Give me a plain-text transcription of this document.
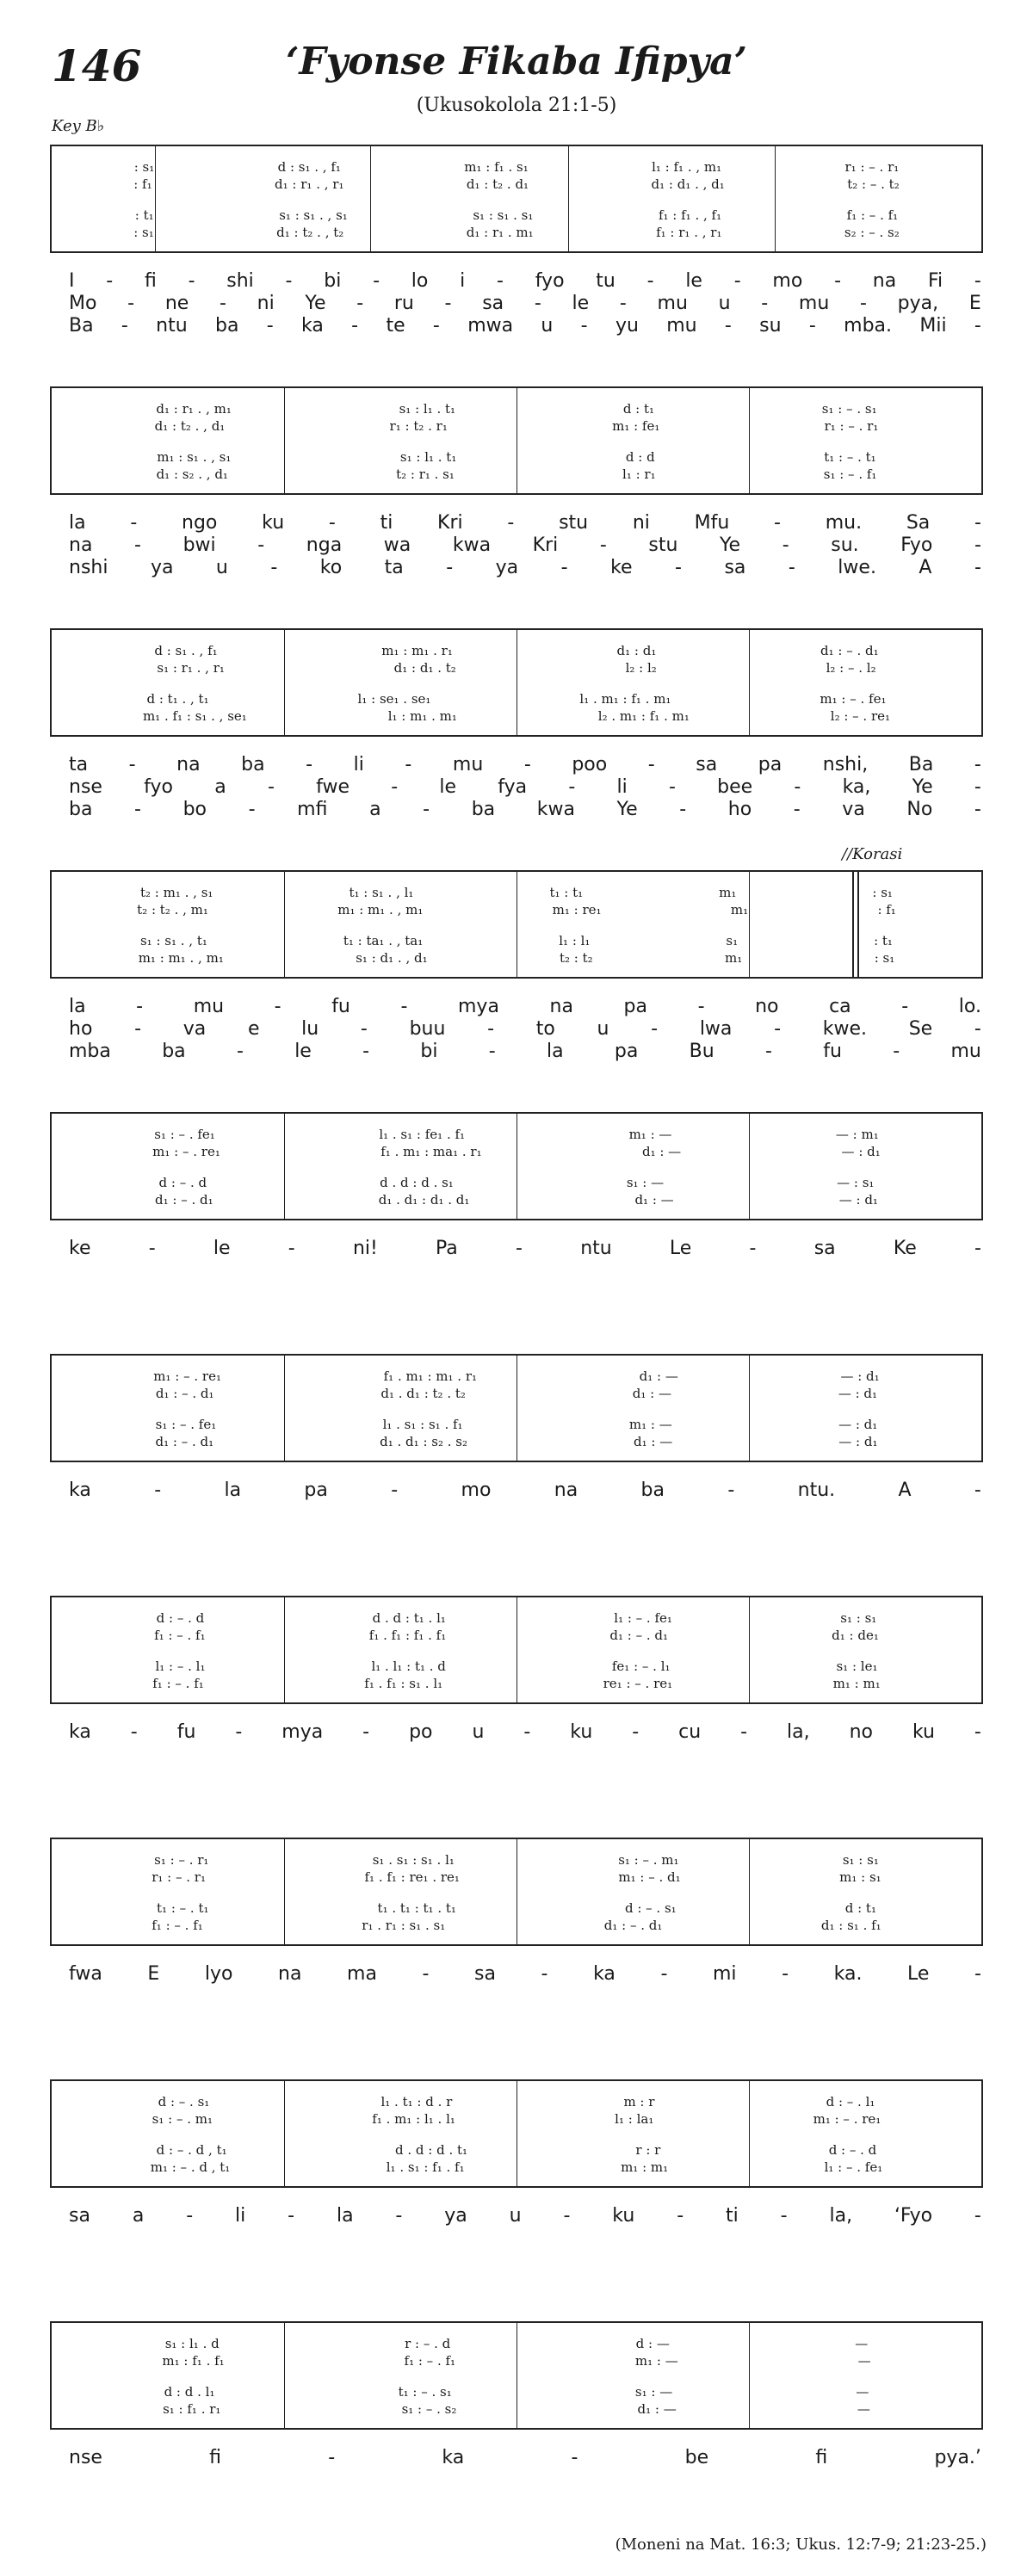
146	‘Fyonse Fikaba Ifipya’
(Ukusokolola 21:1-5)
Key B♭
//Korasi
: s₁	d : s₁ . , f₁	m₁ : f₁ . s₁	l₁ : f₁ . , m₁	r₁ : – . r₁
: f₁	d₁ : r₁ . , r₁	d₁ : t₂ . d₁	d₁ : d₁ . , d₁	t₂ : – . t₂
: t₁	s₁ : s₁ . , s₁	s₁ : s₁ . s₁	f₁ : f₁ . , f₁	f₁ : – . f₁
: s₁	d₁ : t₂ . , t₂	d₁ : r₁ . m₁	f₁ : r₁ . , r₁	s₂ : – . s₂
I - fi - shi - bi - lo i - fyo tu - le - mo - na Fi -
Mo - ne - ni Ye - ru - sa - le - mu u - mu - pya, E
Ba - ntu ba - ka - te - mwa u - yu mu - su - mba. Mii -
d₁ : r₁ . , m₁	s₁ : l₁ . t₁	d : t₁	s₁ : – . s₁
d₁ : t₂ . , d₁	r₁ : t₂ . r₁	m₁ : fe₁	r₁ : – . r₁
m₁ : s₁ . , s₁	s₁ : l₁ . t₁	d : d	t₁ : – . t₁
d₁ : s₂ . , d₁	t₂ : r₁ . s₁	l₁ : r₁	s₁ : – . f₁
la - ngo ku - ti Kri - stu ni Mfu - mu. Sa -
na - bwi - nga wa kwa Kri - stu Ye - su. Fyo -
nshi ya u - ko ta - ya - ke - sa - lwe. A -
d : s₁ . , f₁	m₁ : m₁ . r₁	d₁ : d₁	d₁ : – . d₁
s₁ : r₁ . , r₁	d₁ : d₁ . t₂	l₂ : l₂	l₂ : – . l₂
d : t₁ . , t₁	l₁ : se₁ . se₁	l₁ . m₁ : f₁ . m₁	m₁ : – . fe₁
m₁ . f₁ : s₁ . , se₁	l₁ : m₁ . m₁	l₂ . m₁ : f₁ . m₁	l₂ : – . re₁
ta - na ba - li - mu - poo - sa pa nshi, Ba -
nse fyo a - fwe - le fya - li - bee - ka, Ye -
ba - bo - mfi a - ba kwa Ye - ho - va No -
t₂ : m₁ . , s₁	t₁ : s₁ . , l₁	t₁ : t₁	m₁	: s₁
t₂ : t₂ . , m₁	m₁ : m₁ . , m₁	m₁ : re₁	m₁	: f₁
s₁ : s₁ . , t₁	t₁ : ta₁ . , ta₁	l₁ : l₁	s₁	: t₁
m₁ : m₁ . , m₁	s₁ : d₁ . , d₁	t₂ : t₂	m₁	: s₁
la	-	mu	-	fu	-	mya	na	pa	-	no	ca	-	lo.
ho - va e lu - buu - to u - lwa - kwe. Se -
mba	ba	-	le	-	bi	-	la	pa	Bu	-	fu	-	mu
s₁ : – . fe₁	l₁ . s₁ : fe₁ . f₁	m₁ : —	— : m₁
m₁ : – . re₁	f₁ . m₁ : ma₁ . r₁	d₁ : —	— : d₁
d : – . d	d . d : d . s₁	s₁ : —	— : s₁
d₁ : – . d₁	d₁ . d₁ : d₁ . d₁	d₁ : —	— : d₁
ke	-	le	-	ni!	Pa	-	ntu	Le	-	sa	Ke	-
m₁ : – . re₁	f₁ . m₁ : m₁ . r₁	d₁ : —	— : d₁
d₁ : – . d₁	d₁ . d₁ : t₂ . t₂	d₁ : —	— : d₁
s₁ : – . fe₁	l₁ . s₁ : s₁ . f₁	m₁ : —	— : d₁
d₁ : – . d₁	d₁ . d₁ : s₂ . s₂	d₁ : —	— : d₁
ka	-	la	pa	-	mo	na	ba	-	ntu.	A	-
d : – . d	d . d : t₁ . l₁	l₁ : – . fe₁	s₁ : s₁
f₁ : – . f₁	f₁ . f₁ : f₁ . f₁	d₁ : – . d₁	d₁ : de₁
l₁ : – . l₁	l₁ . l₁ : t₁ . d	fe₁ : – . l₁	s₁ : le₁
f₁ : – . f₁	f₁ . f₁ : s₁ . l₁	re₁ : – . re₁	m₁ : m₁
ka - fu - mya - po u - ku - cu - la, no ku -
s₁ : – . r₁	s₁ . s₁ : s₁ . l₁	s₁ : – . m₁	s₁ : s₁
r₁ : – . r₁	f₁ . f₁ : re₁ . re₁	m₁ : – . d₁	m₁ : s₁
t₁ : – . t₁	t₁ . t₁ : t₁ . t₁	d : – . s₁	d : t₁
f₁ : – . f₁	r₁ . r₁ : s₁ . s₁	d₁ : – . d₁	d₁ : s₁ . f₁
fwa E lyo na ma - sa - ka - mi - ka. Le -
d : – . s₁	l₁ . t₁ : d . r	m : r	d : – . l₁
s₁ : – . m₁	f₁ . m₁ : l₁ . l₁	l₁ : la₁	m₁ : – . re₁
d : – . d , t₁	d . d : d . t₁	r : r	d : – . d
m₁ : – . d , t₁	l₁ . s₁ : f₁ . f₁	m₁ : m₁	l₁ : – . fe₁
sa a - li - la - ya u - ku - ti - la, ‘Fyo -
s₁ : l₁ . d	r : – . d	d : —	—
m₁ : f₁ . f₁	f₁ : – . f₁	m₁ : —	—
d : d . l₁	t₁ : – . s₁	s₁ : —	—
s₁ : f₁ . r₁	s₁ : – . s₂	d₁ : —	—
nse	fi	-	ka	-	be	fi	pya.’
(Moneni na Mat. 16:3; Ukus. 12:7-9; 21:23-25.)
